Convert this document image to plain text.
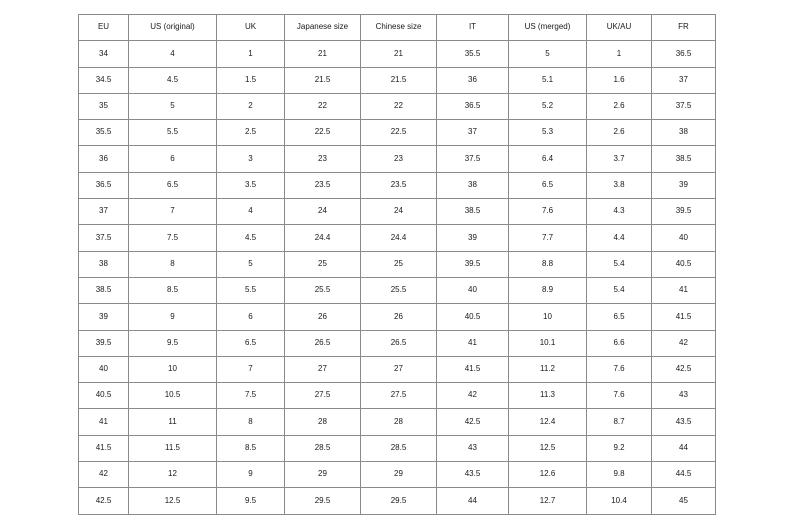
EU	US (original)	UK	Japanese size	Chinese size	IT	US (merged)	UK/AU	FR
34	4	1	21	21	35.5	5	1	36.5
34.5	4.5	1.5	21.5	21.5	36	5.1	1.6	37
35	5	2	22	22	36.5	5.2	2.6	37.5
35.5	5.5	2.5	22.5	22.5	37	5.3	2.6	38
36	6	3	23	23	37.5	6.4	3.7	38.5
36.5	6.5	3.5	23.5	23.5	38	6.5	3.8	39
37	7	4	24	24	38.5	7.6	4.3	39.5
37.5	7.5	4.5	24.4	24.4	39	7.7	4.4	40
38	8	5	25	25	39.5	8.8	5.4	40.5
38.5	8.5	5.5	25.5	25.5	40	8.9	5.4	41
39	9	6	26	26	40.5	10	6.5	41.5
39.5	9.5	6.5	26.5	26.5	41	10.1	6.6	42
40	10	7	27	27	41.5	11.2	7.6	42.5
40.5	10.5	7.5	27.5	27.5	42	11.3	7.6	43
41	11	8	28	28	42.5	12.4	8.7	43.5
41.5	11.5	8.5	28.5	28.5	43	12.5	9.2	44
42	12	9	29	29	43.5	12.6	9.8	44.5
42.5	12.5	9.5	29.5	29.5	44	12.7	10.4	45
